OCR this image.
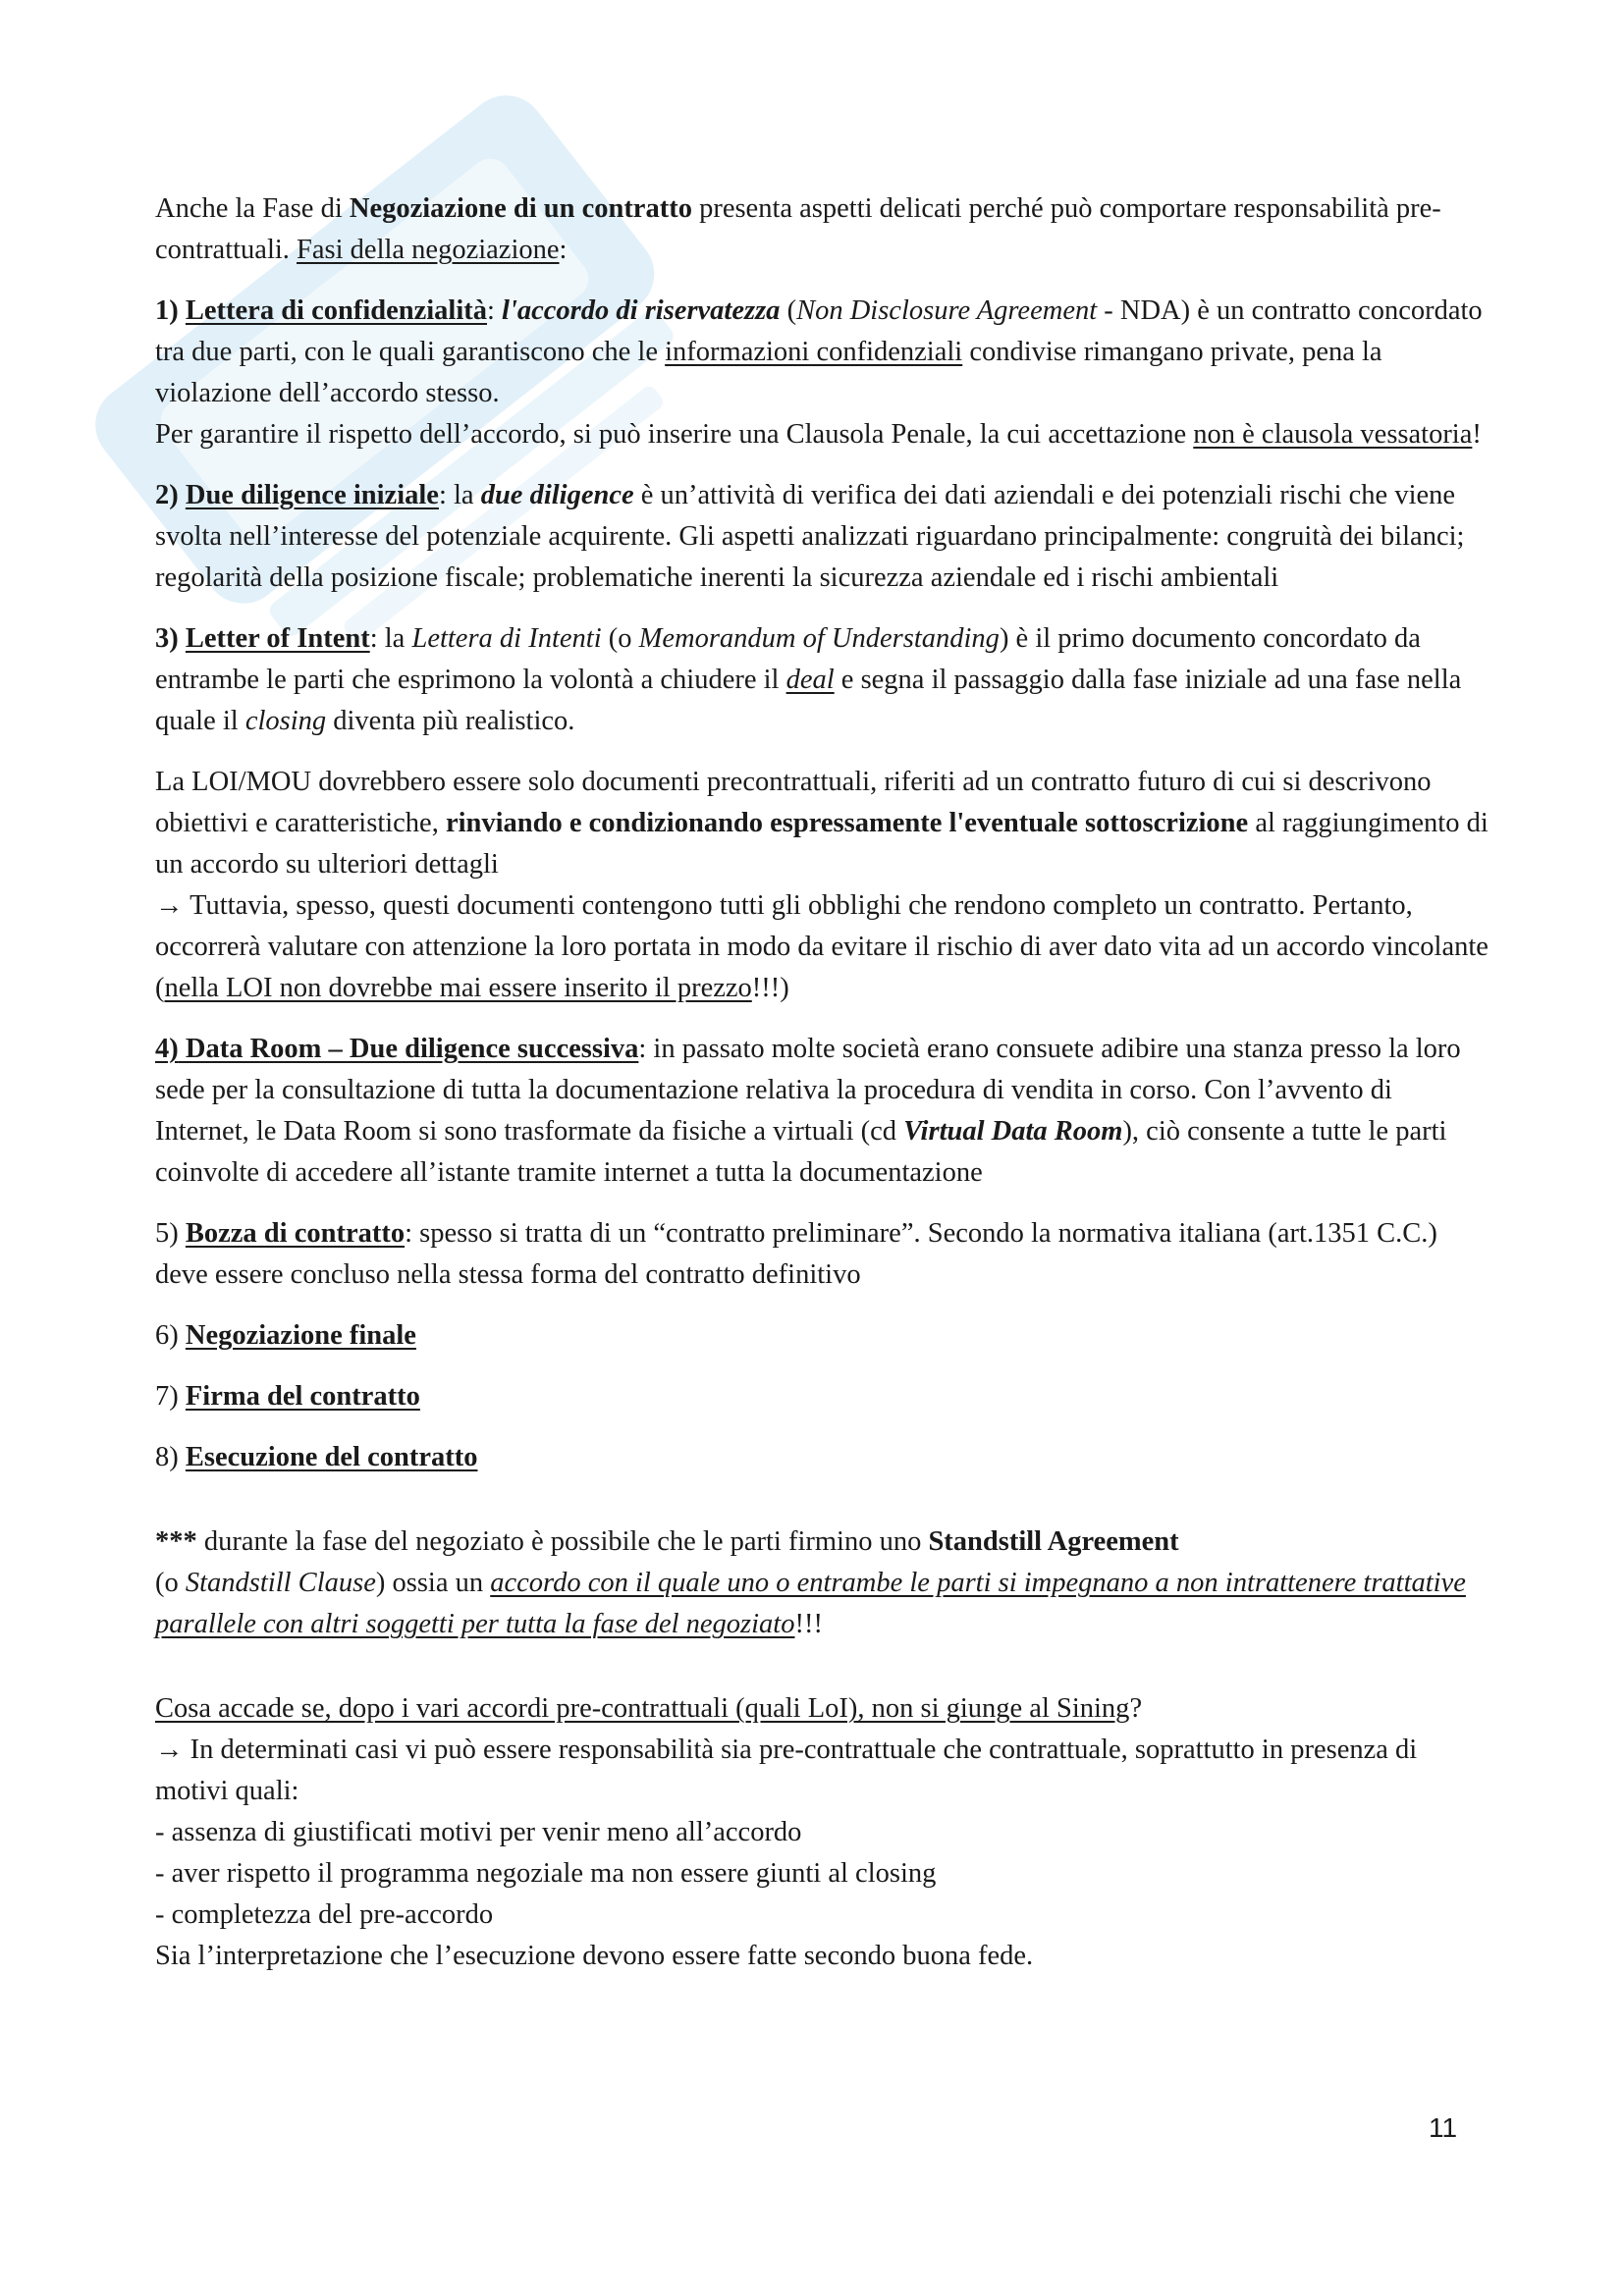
Anche la Fase di Negoziazione di un contratto presenta aspetti delicati perché può comportare responsabilità pre-contrattuali. Fasi della negoziazione:

1) Lettera di confidenzialità: l'accordo di riservatezza (Non Disclosure Agreement - NDA) è un contratto concordato tra due parti, con le quali garantiscono che le informazioni confidenziali condivise rimangano private, pena la violazione dell’accordo stesso.

Per garantire il rispetto dell’accordo, si può inserire una Clausola Penale, la cui accettazione non è clausola vessatoria!

2) Due diligence iniziale: la due diligence è un’attività di verifica dei dati aziendali e dei potenziali rischi che viene svolta nell’interesse del potenziale acquirente. Gli aspetti analizzati riguardano principalmente: congruità dei bilanci; regolarità della posizione fiscale; problematiche inerenti la sicurezza aziendale ed i rischi ambientali

3) Letter of Intent: la Lettera di Intenti (o Memorandum of Understanding) è il primo documento concordato da entrambe le parti che esprimono la volontà a chiudere il deal e segna il passaggio dalla fase iniziale ad una fase nella quale il closing diventa più realistico.

La LOI/MOU dovrebbero essere solo documenti precontrattuali, riferiti ad un contratto futuro di cui si descrivono obiettivi e caratteristiche, rinviando e condizionando espressamente l'eventuale sottoscrizione al raggiungimento di un accordo su ulteriori dettagli

→ Tuttavia, spesso, questi documenti contengono tutti gli obblighi che rendono completo un contratto. Pertanto, occorrerà valutare con attenzione la loro portata in modo da evitare il rischio di aver dato vita ad un accordo vincolante (nella LOI non dovrebbe mai essere inserito il prezzo!!!)

4) Data Room – Due diligence successiva: in passato molte società erano consuete adibire una stanza presso la loro sede per la consultazione di tutta la documentazione relativa la procedura di vendita in corso. Con l’avvento di Internet, le Data Room si sono trasformate da fisiche a virtuali (cd Virtual Data Room), ciò consente a tutte le parti coinvolte di accedere all’istante tramite internet a tutta la documentazione

5) Bozza di contratto: spesso si tratta di un “contratto preliminare”. Secondo la normativa italiana (art.1351 C.C.) deve essere concluso nella stessa forma del contratto definitivo

6) Negoziazione finale

7) Firma del contratto

8) Esecuzione del contratto

*** durante la fase del negoziato è possibile che le parti firmino uno Standstill Agreement

(o Standstill Clause) ossia un accordo con il quale uno o entrambe le parti si impegnano a non intrattenere trattative parallele con altri soggetti per tutta la fase del negoziato!!!

Cosa accade se, dopo i vari accordi pre-contrattuali (quali LoI), non si giunge al Sining?

→ In determinati casi vi può essere responsabilità sia pre-contrattuale che contrattuale, soprattutto in presenza di motivi quali:

- assenza di giustificati motivi per venir meno all’accordo

- aver rispetto il programma negoziale ma non essere giunti al closing

- completezza del pre-accordo

Sia l’interpretazione che l’esecuzione devono essere fatte secondo buona fede.

11
